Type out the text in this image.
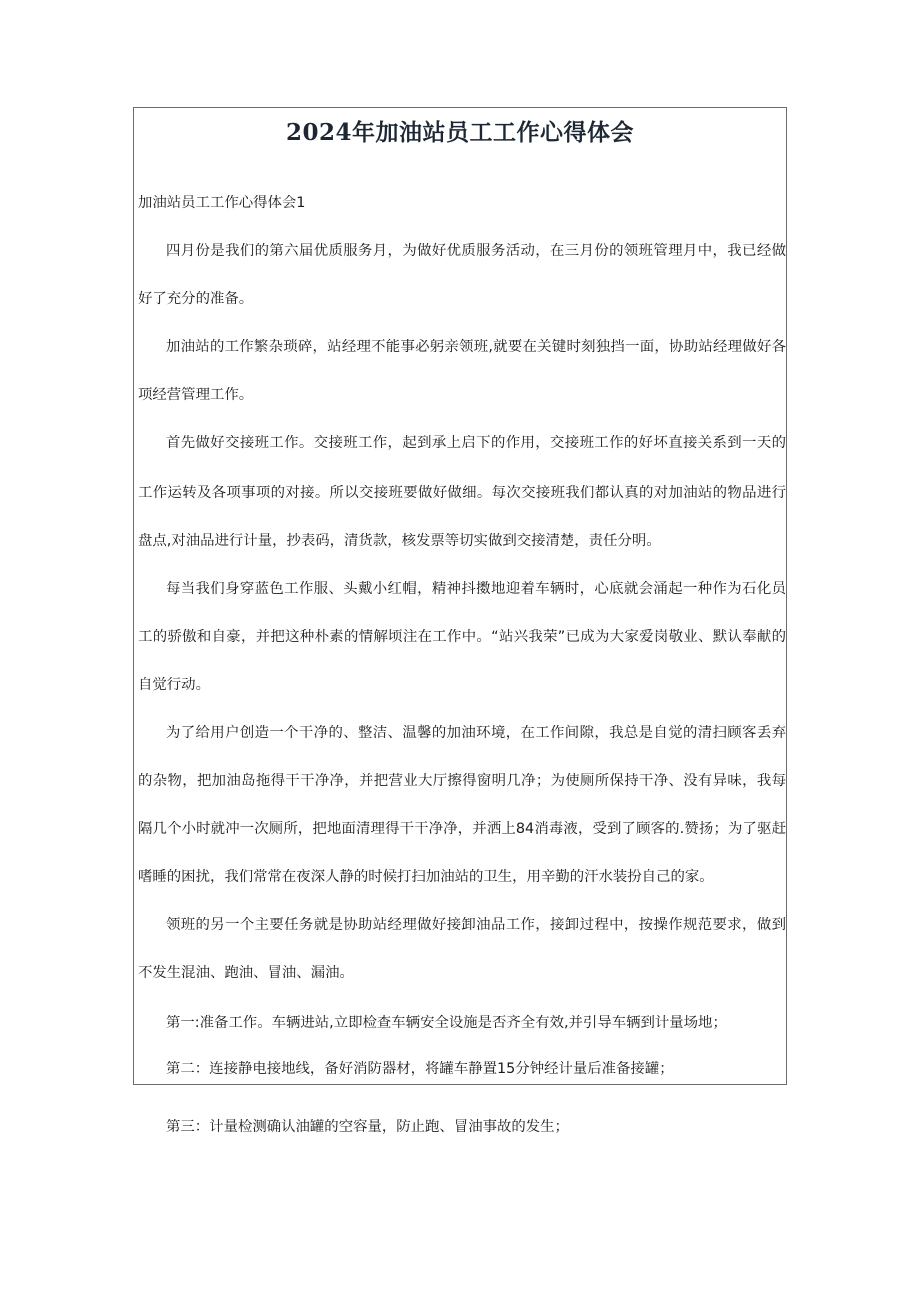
2024年加油站员工工作心得体会
加油站员工工作心得体会1
四月份是我们的第六届优质服务月，为做好优质服务活动，在三月份的领班管理月中，我已经做
好了充分的准备。
加油站的工作繁杂琐碎，站经理不能事必躬亲领班,就要在关键时刻独挡一面，协助站经理做好各
项经营管理工作。
首先做好交接班工作。交接班工作，起到承上启下的作用，交接班工作的好坏直接关系到一天的
工作运转及各项事项的对接。所以交接班要做好做细。每次交接班我们都认真的对加油站的物品进行
盘点,对油品进行计量，抄表码，清货款，核发票等切实做到交接清楚，责任分明。
每当我们身穿蓝色工作服、头戴小红帽，精神抖擞地迎着车辆时，心底就会涌起一种作为石化员
工的骄傲和自豪，并把这种朴素的情解顷注在工作中。“站兴我荣”已成为大家爱岗敬业、默认奉献的
自觉行动。
为了给用户创造一个干净的、整洁、温馨的加油环境，在工作间隙，我总是自觉的清扫顾客丢弃
的杂物，把加油岛拖得干干净净，并把营业大厅擦得窗明几净；为使厕所保持干净、没有异味，我每
隔几个小时就冲一次厕所，把地面清理得干干净净，并洒上84消毒液，受到了顾客的.赞扬；为了驱赶
嗜睡的困扰，我们常常在夜深人静的时候打扫加油站的卫生，用辛勤的汗水装扮自己的家。
领班的另一个主要任务就是协助站经理做好接卸油品工作，接卸过程中，按操作规范要求，做到
不发生混油、跑油、冒油、漏油。
第一:准备工作。车辆进站,立即检查车辆安全设施是否齐全有效,并引导车辆到计量场地；
第二：连接静电接地线，备好消防器材，将罐车静置15分钟经计量后准备接罐；
第三：计量检测确认油罐的空容量，防止跑、冒油事故的发生；
